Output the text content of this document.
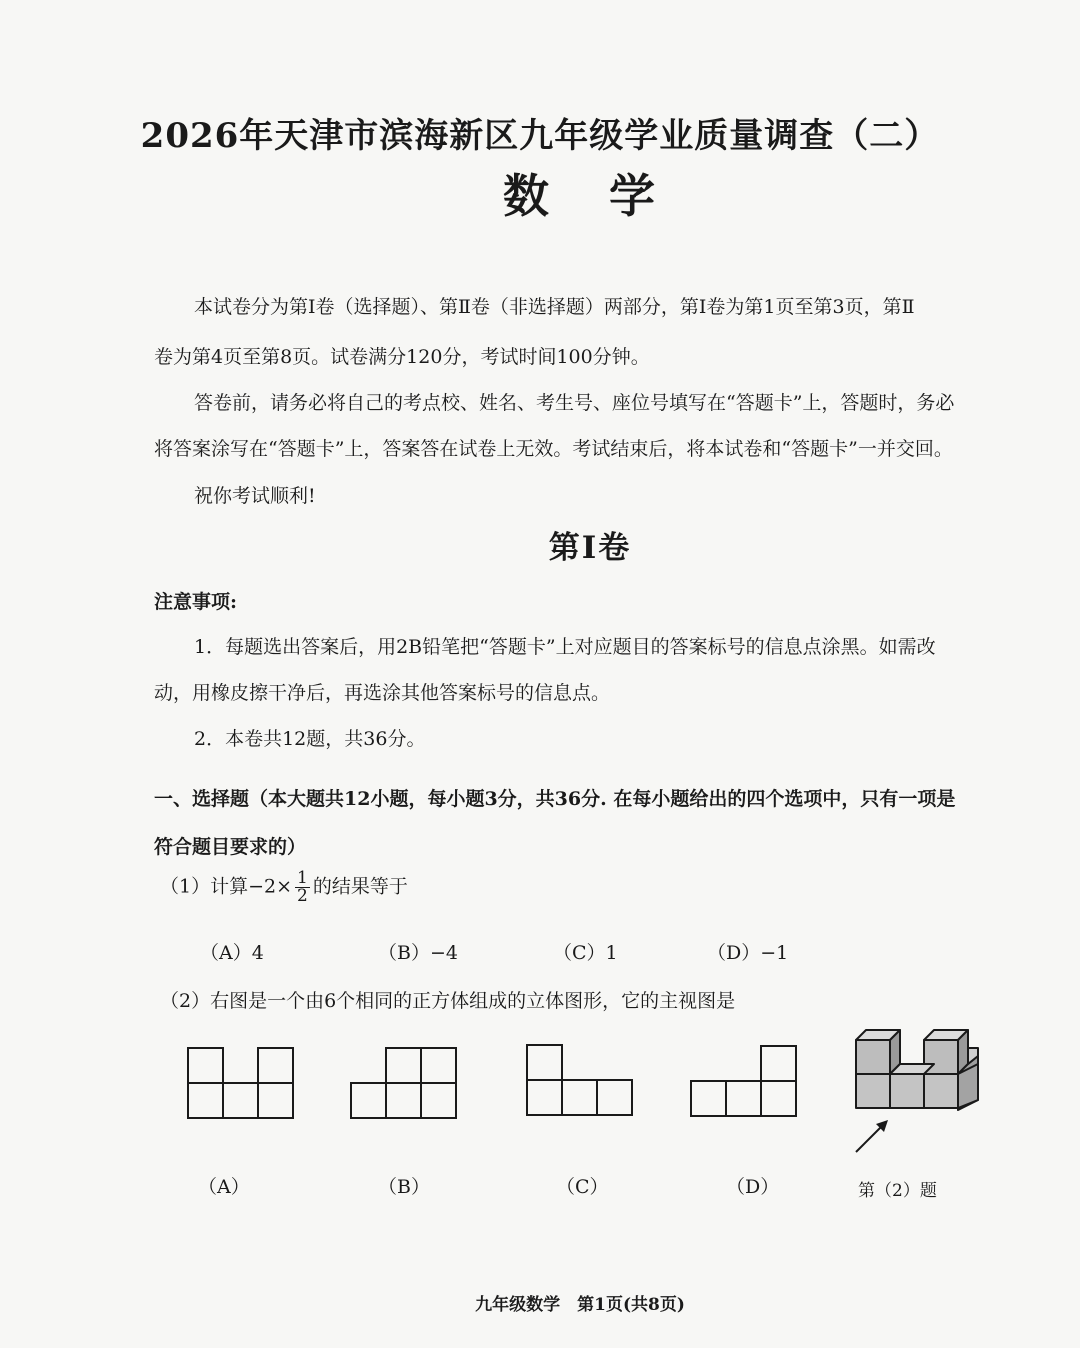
2026年天津市滨海新区九年级学业质量调查（二）
数 学
本试卷分为第Ⅰ卷（选择题）、第Ⅱ卷（非选择题）两部分，第Ⅰ卷为第1页至第3页，第Ⅱ
卷为第4页至第8页。试卷满分120分，考试时间100分钟。
答卷前，请务必将自己的考点校、姓名、考生号、座位号填写在“答题卡”上，答题时，务必
将答案涂写在“答题卡”上，答案答在试卷上无效。考试结束后，将本试卷和“答题卡”一并交回。
祝你考试顺利!
第Ⅰ卷
注意事项:
1．每题选出答案后，用2B铅笔把“答题卡”上对应题目的答案标号的信息点涂黑。如需改
动，用橡皮擦干净后，再选涂其他答案标号的信息点。
2．本卷共12题，共36分。
一、选择题（本大题共12小题，每小题3分，共36分. 在每小题给出的四个选项中，只有一项是
符合题目要求的）
（1）计算$-2\times \frac{1}{2}$ 的结果等于
（A）4	（B）−4	（C）1	（D）−1
（2）右图是一个由6个相同的正方体组成的立体图形，它的主视图是
（A）	（B）	（C）	（D）	第（2）题
九年级数学　第1页(共8页)
